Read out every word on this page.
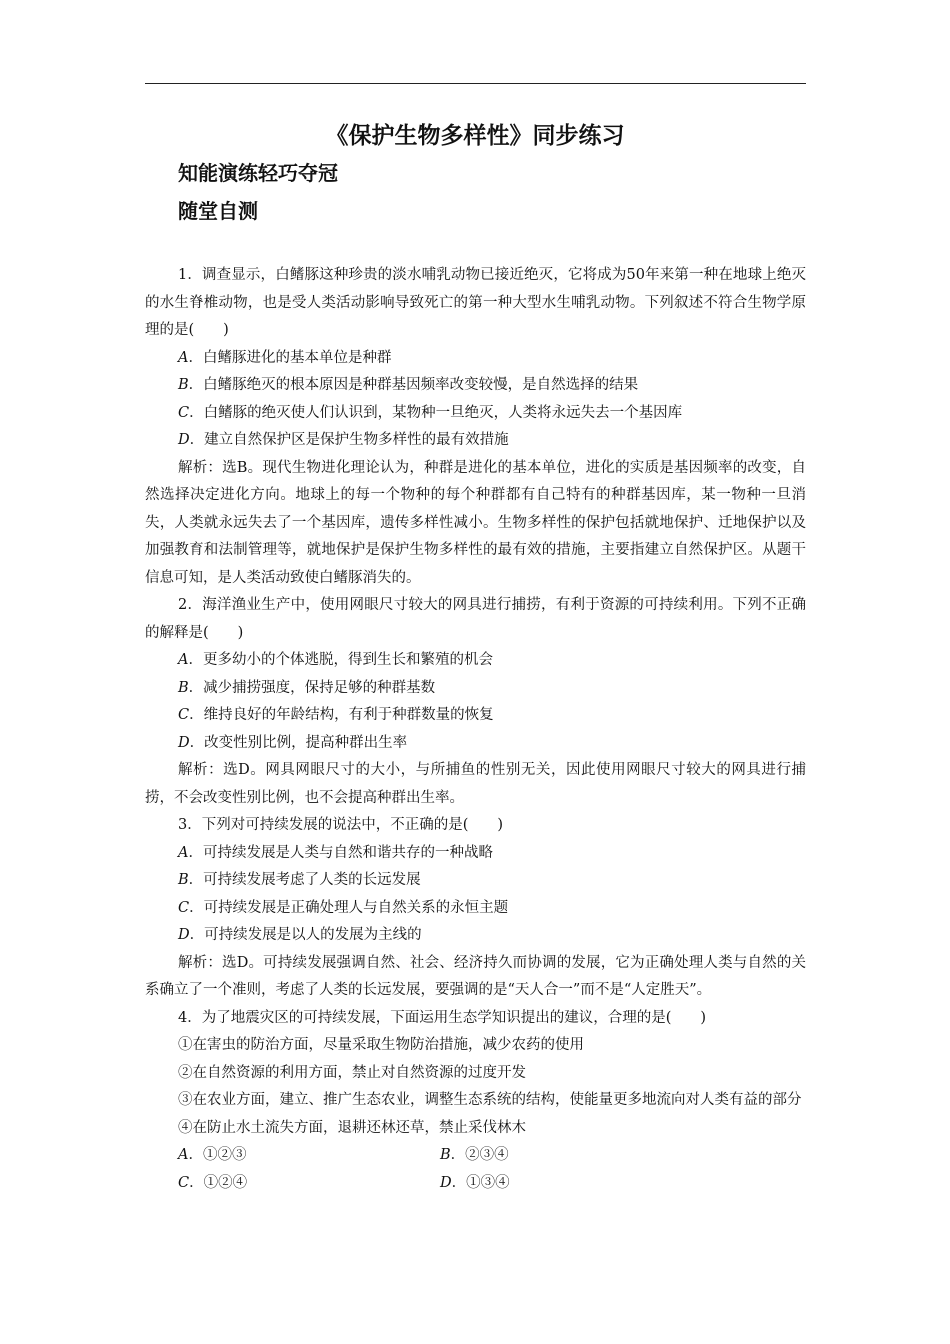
《保护生物多样性》同步练习
知能演练轻巧夺冠
随堂自测

1．调查显示，白鳍豚这种珍贵的淡水哺乳动物已接近绝灭，它将成为50年来第一种在地球上绝灭的水生脊椎动物，也是受人类活动影响导致死亡的第一种大型水生哺乳动物。下列叙述不符合生物学原理的是(　　)

A．白鳍豚进化的基本单位是种群

B．白鳍豚绝灭的根本原因是种群基因频率改变较慢，是自然选择的结果

C．白鳍豚的绝灭使人们认识到，某物种一旦绝灭，人类将永远失去一个基因库

D．建立自然保护区是保护生物多样性的最有效措施

解析：选B。现代生物进化理论认为，种群是进化的基本单位，进化的实质是基因频率的改变，自然选择决定进化方向。地球上的每一个物种的每个种群都有自己特有的种群基因库，某一物种一旦消失，人类就永远失去了一个基因库，遗传多样性减小。生物多样性的保护包括就地保护、迁地保护以及加强教育和法制管理等，就地保护是保护生物多样性的最有效的措施，主要指建立自然保护区。从题干信息可知，是人类活动致使白鳍豚消失的。

2．海洋渔业生产中，使用网眼尺寸较大的网具进行捕捞，有利于资源的可持续利用。下列不正确的解释是(　　)

A．更多幼小的个体逃脱，得到生长和繁殖的机会

B．减少捕捞强度，保持足够的种群基数

C．维持良好的年龄结构，有利于种群数量的恢复

D．改变性别比例，提高种群出生率

解析：选D。网具网眼尺寸的大小，与所捕鱼的性别无关，因此使用网眼尺寸较大的网具进行捕捞，不会改变性别比例，也不会提高种群出生率。

3．下列对可持续发展的说法中，不正确的是(　　)

A．可持续发展是人类与自然和谐共存的一种战略

B．可持续发展考虑了人类的长远发展

C．可持续发展是正确处理人与自然关系的永恒主题

D．可持续发展是以人的发展为主线的

解析：选D。可持续发展强调自然、社会、经济持久而协调的发展，它为正确处理人类与自然的关系确立了一个准则，考虑了人类的长远发展，要强调的是“天人合一”而不是“人定胜天”。

4．为了地震灾区的可持续发展，下面运用生态学知识提出的建议，合理的是(　　)

①在害虫的防治方面，尽量采取生物防治措施，减少农药的使用

②在自然资源的利用方面，禁止对自然资源的过度开发

③在农业方面，建立、推广生态农业，调整生态系统的结构，使能量更多地流向对人类有益的部分

④在防止水土流失方面，退耕还林还草，禁止采伐林木

A．①②③	B．②③④
C．①②④	D．①③④
